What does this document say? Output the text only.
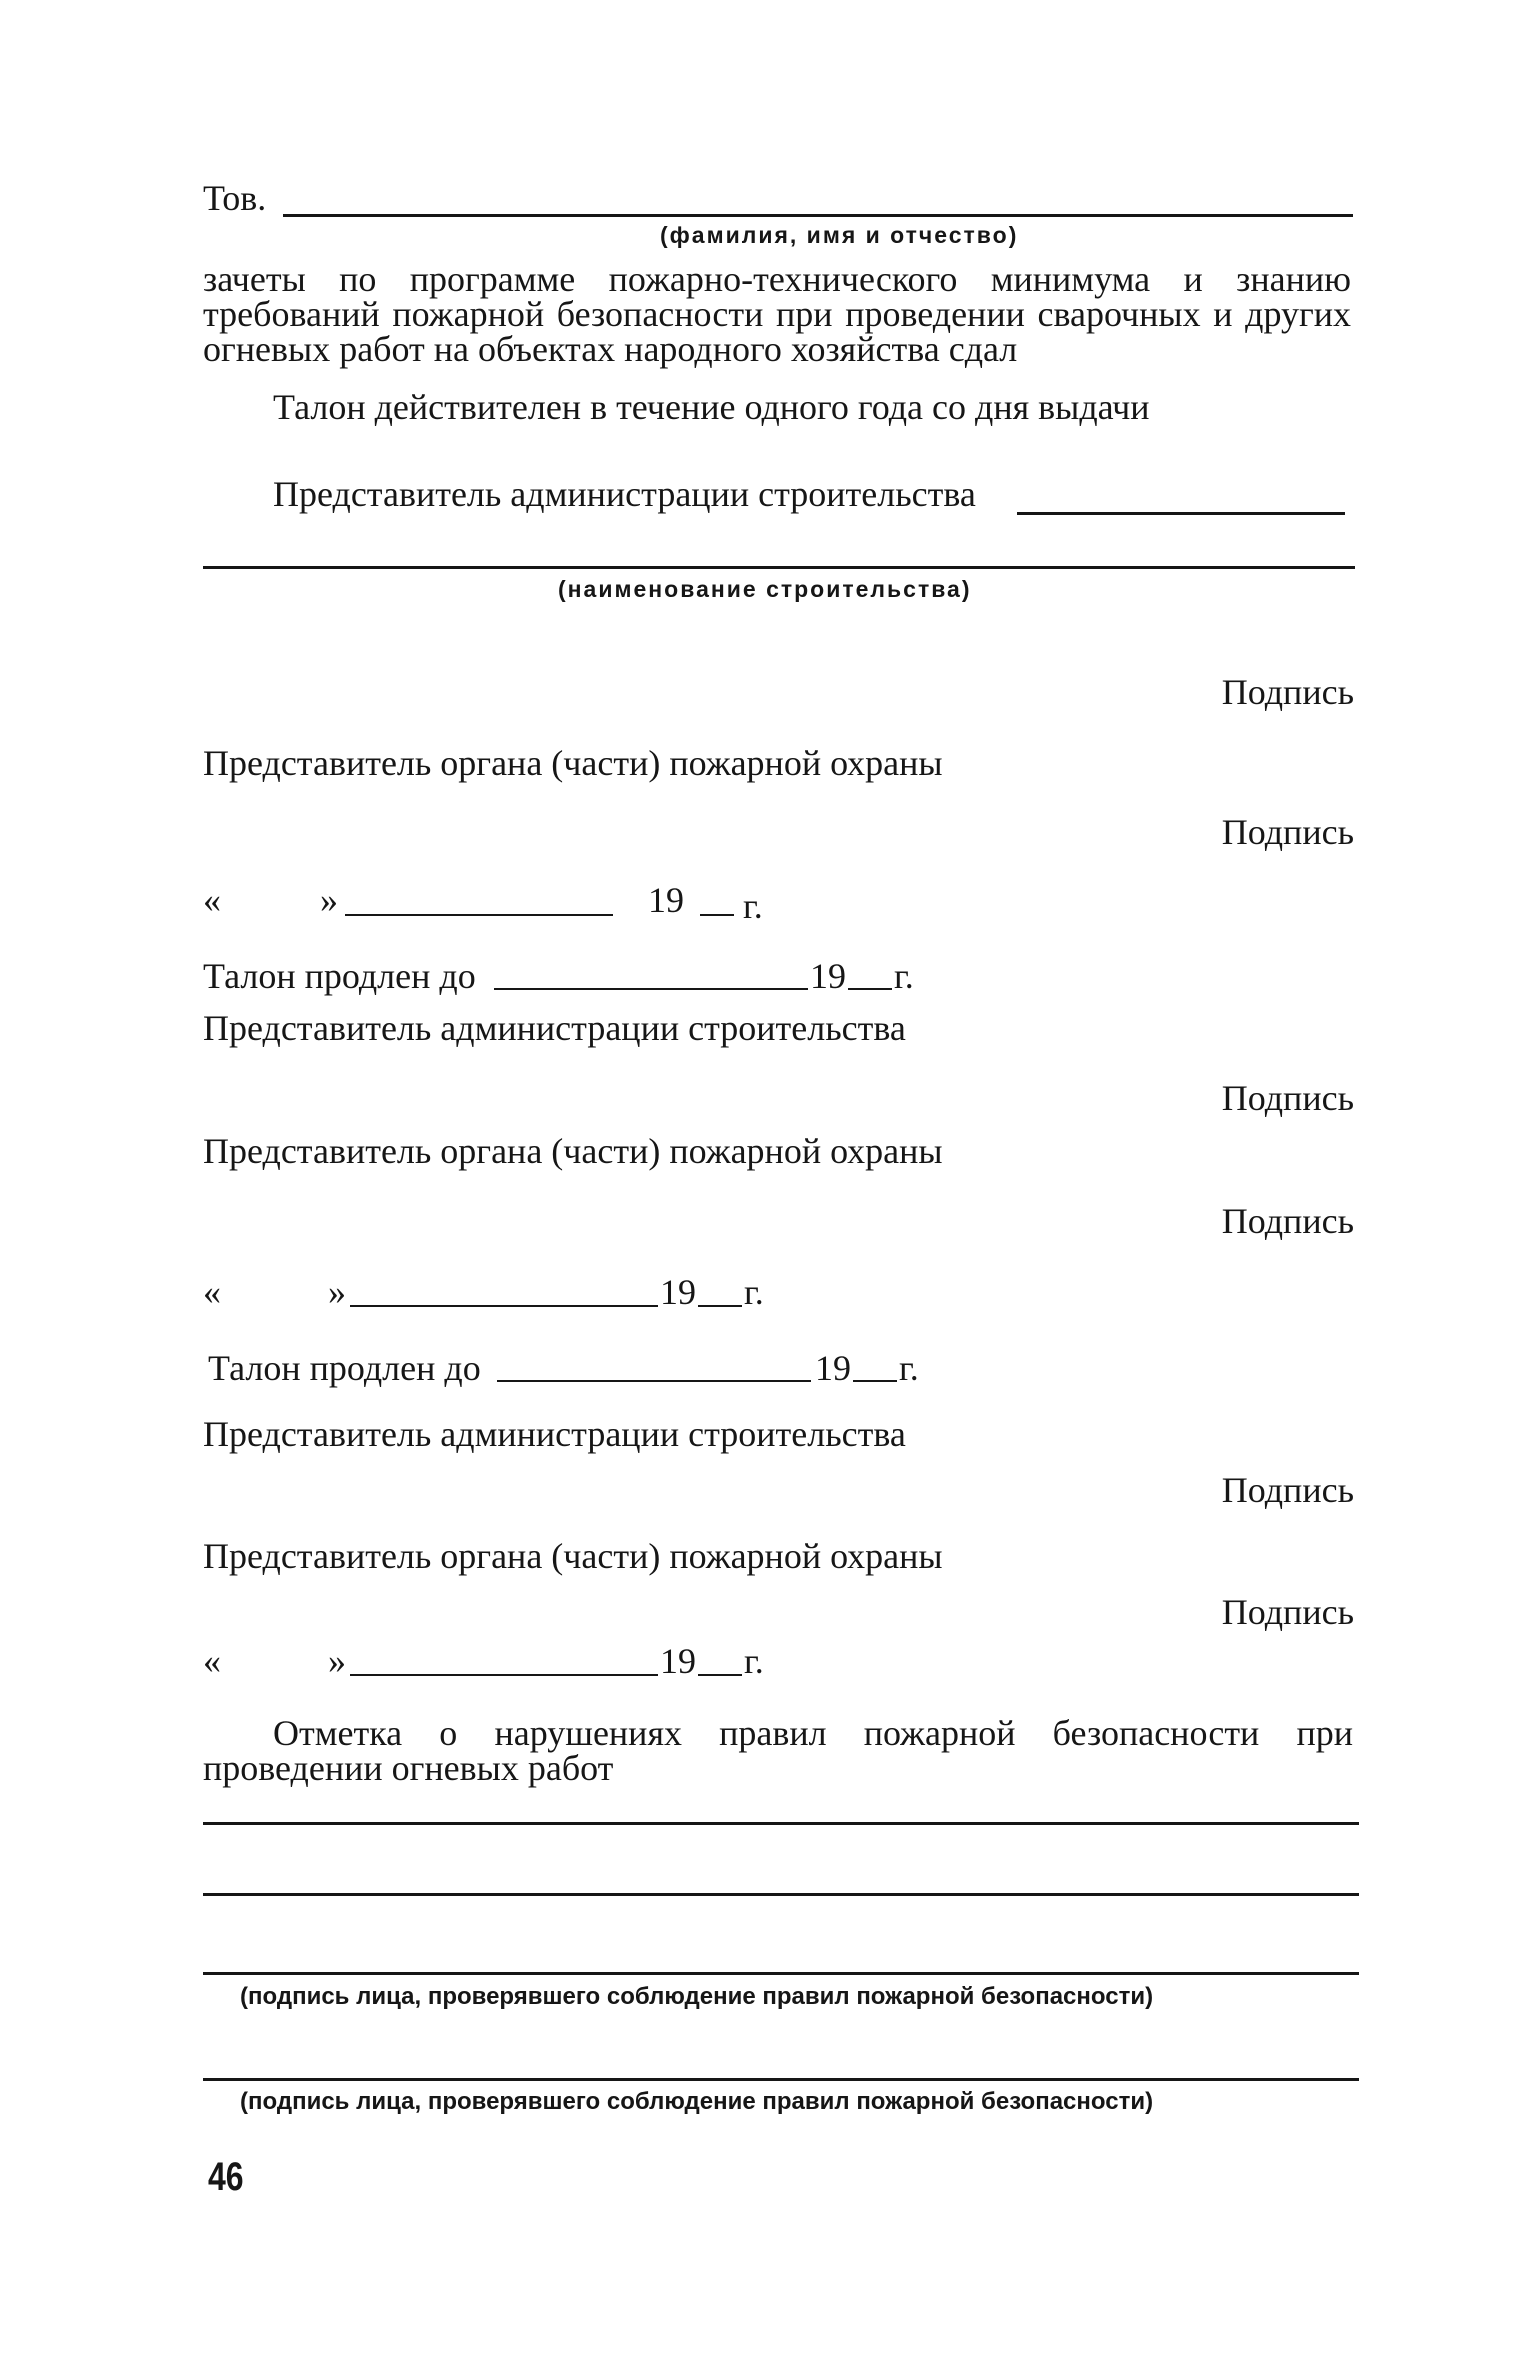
Тов.
(фамилия, имя и отчество)
зачеты по программе пожарно-технического минимума и знанию требований пожарной безопасности при проведении сварочных и других огневых работ на объектах народного хозяйства сдал
Талон действителен в течение одного года со дня выдачи
Представитель администрации строительства
(наименование строительства)
Подпись
Представитель органа (части) пожарной охраны
Подпись
«	»	19 г.
Талон продлен до	19 г.
Представитель администрации строительства
Подпись
Представитель органа (части) пожарной охраны
Подпись
«	»	19 г.
Талон продлен до	19 г.
Представитель администрации строительства
Подпись
Представитель органа (части) пожарной охраны
Подпись
«	»	19 г.
Отметка о нарушениях правил пожарной безопасности при проведении огневых работ
(подпись лица, проверявшего соблюдение правил пожарной безопасности)
(подпись лица, проверявшего соблюдение правил пожарной безопасности)
46
